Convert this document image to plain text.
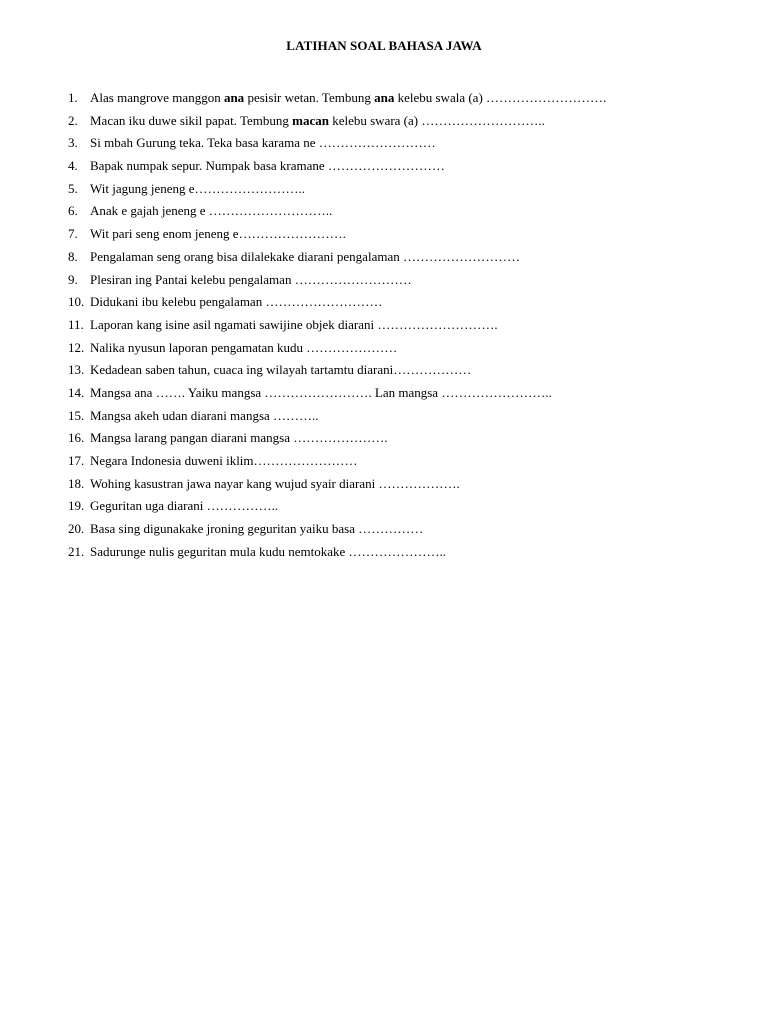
LATIHAN SOAL BAHASA JAWA
1. Alas mangrove manggon ana pesisir wetan. Tembung ana kelebu swala (a) ……………………….
2. Macan iku duwe sikil papat. Tembung macan kelebu swara (a) ………………………..
3. Si mbah Gurung teka. Teka basa karama ne ………………………
4. Bapak numpak sepur. Numpak basa kramane ………………………
5. Wit jagung jeneng e……………………..
6. Anak e gajah jeneng e ………………………..
7. Wit pari seng enom jeneng e…………………….
8. Pengalaman seng orang bisa dilalekake diarani pengalaman ………………………
9. Plesiran ing Pantai kelebu pengalaman ………………………
10. Didukani ibu kelebu pengalaman ………………………
11. Laporan kang isine asil ngamati sawijine objek diarani ……………………….
12. Nalika nyusun laporan pengamatan kudu …………………
13. Kedadean saben tahun, cuaca ing wilayah tartamtu diarani………………
14. Mangsa ana ……. Yaiku mangsa ……………………. Lan mangsa ……………………..
15. Mangsa akeh udan diarani mangsa ………..
16. Mangsa larang pangan diarani mangsa ………………….
17. Negara Indonesia duweni iklim……………………
18. Wohing kasustran jawa nayar kang wujud syair diarani ……………….
19. Geguritan uga diarani ……………..
20. Basa sing digunakake jroning geguritan yaiku basa ……………
21. Sadurunge nulis geguritan mula kudu nemtokake …………………..
